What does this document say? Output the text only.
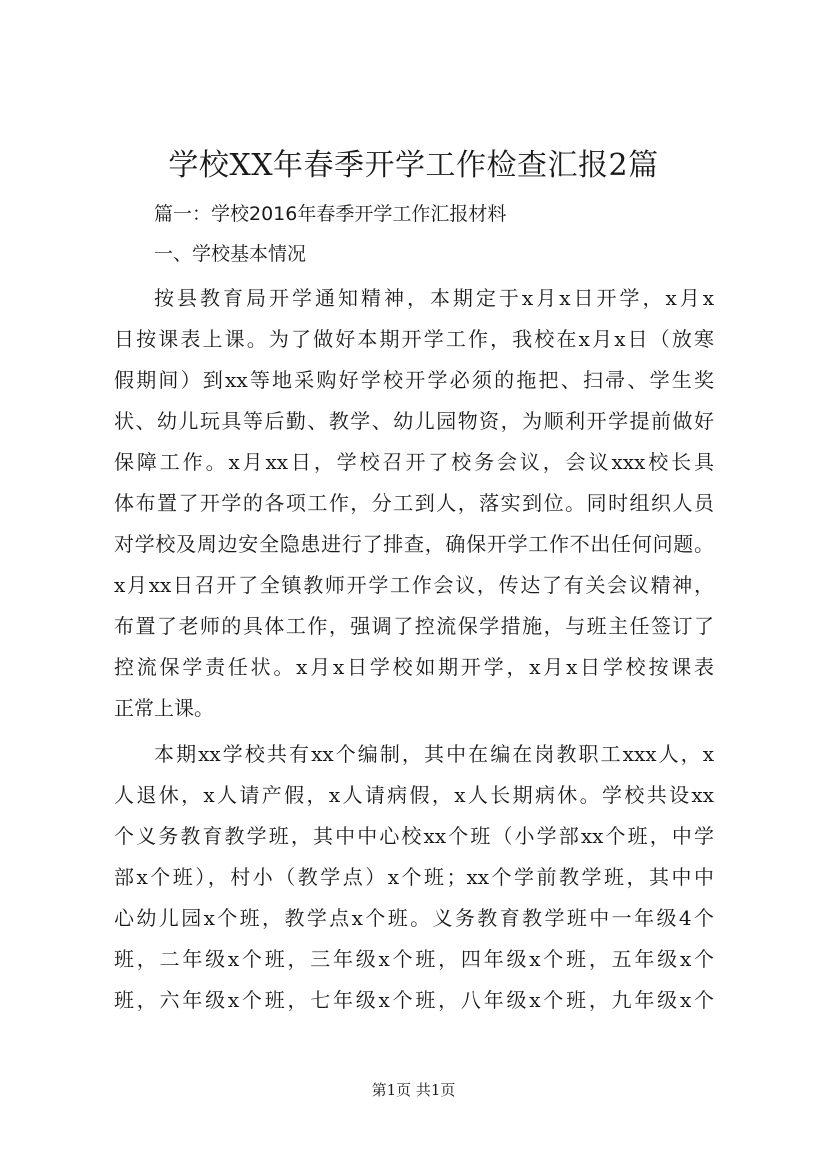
学校XX年春季开学工作检查汇报2篇

篇一：学校2016年春季开学工作汇报材料

一、学校基本情况

按县教育局开学通知精神，本期定于x月x日开学，x月x

日按课表上课。为了做好本期开学工作，我校在x月x日（放寒

假期间）到xx等地采购好学校开学必须的拖把、扫帚、学生奖

状、幼儿玩具等后勤、教学、幼儿园物资，为顺利开学提前做好

保障工作。x月xx日，学校召开了校务会议，会议xxx校长具

体布置了开学的各项工作，分工到人，落实到位。同时组织人员

对学校及周边安全隐患进行了排查，确保开学工作不出任何问题。

x月xx日召开了全镇教师开学工作会议，传达了有关会议精神，

布置了老师的具体工作，强调了控流保学措施，与班主任签订了

控流保学责任状。x月x日学校如期开学，x月x日学校按课表

正常上课。

本期xx学校共有xx个编制，其中在编在岗教职工xxx人，x

人退休，x人请产假，x人请病假，x人长期病休。学校共设xx

个义务教育教学班，其中中心校xx个班（小学部xx个班，中学

部x个班），村小（教学点）x个班；xx个学前教学班，其中中

心幼儿园x个班，教学点x个班。义务教育教学班中一年级4个

班，二年级x个班，三年级x个班，四年级x个班，五年级x个

班，六年级x个班，七年级x个班，八年级x个班，九年级x个

第1页 共1页
